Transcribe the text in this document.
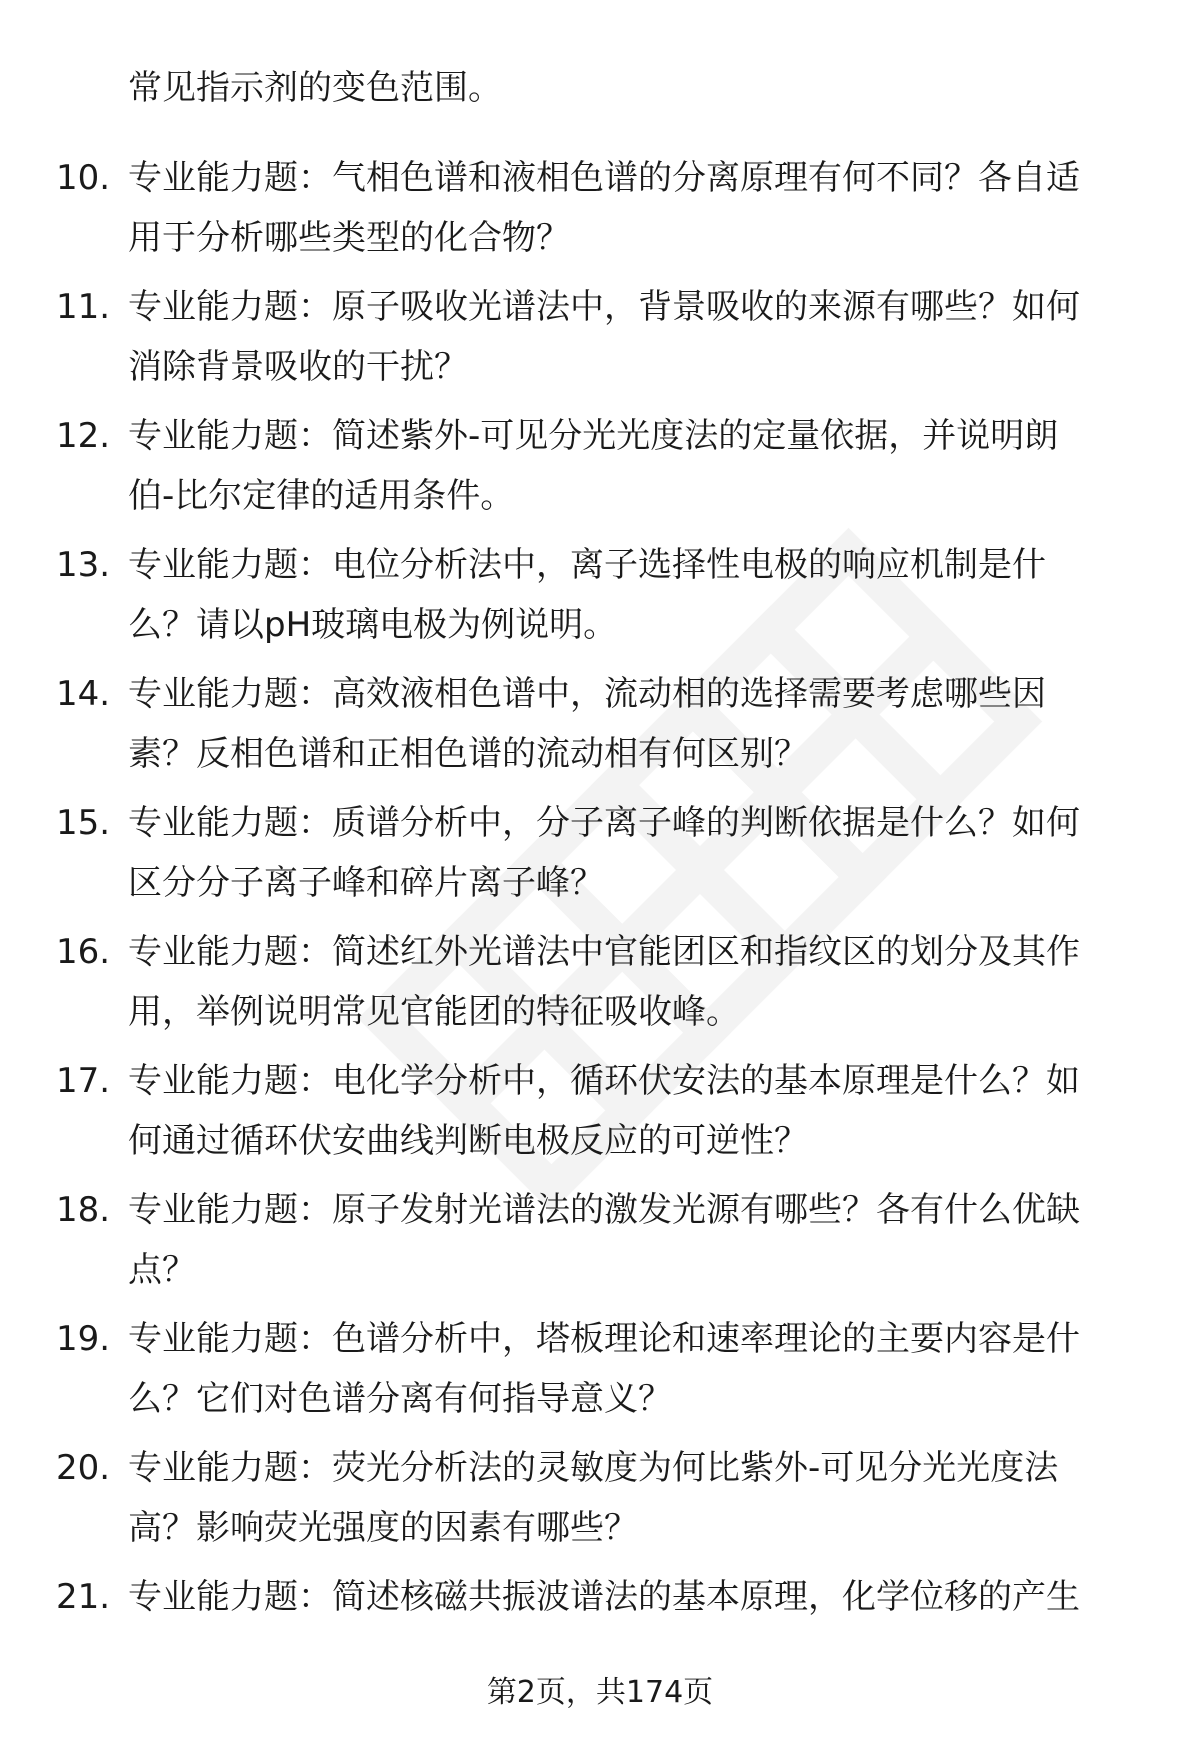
常见指示剂的变色范围。
10. 专业能力题：气相色谱和液相色谱的分离原理有何不同？各自适
用于分析哪些类型的化合物？
11. 专业能力题：原子吸收光谱法中，背景吸收的来源有哪些？如何
消除背景吸收的干扰？
12. 专业能力题：简述紫外-可见分光光度法的定量依据，并说明朗
伯-比尔定律的适用条件。
13. 专业能力题：电位分析法中，离子选择性电极的响应机制是什
么？请以pH玻璃电极为例说明。
14. 专业能力题：高效液相色谱中，流动相的选择需要考虑哪些因
素？反相色谱和正相色谱的流动相有何区别？
15. 专业能力题：质谱分析中，分子离子峰的判断依据是什么？如何
区分分子离子峰和碎片离子峰？
16. 专业能力题：简述红外光谱法中官能团区和指纹区的划分及其作
用，举例说明常见官能团的特征吸收峰。
17. 专业能力题：电化学分析中，循环伏安法的基本原理是什么？如
何通过循环伏安曲线判断电极反应的可逆性？
18. 专业能力题：原子发射光谱法的激发光源有哪些？各有什么优缺
点？
19. 专业能力题：色谱分析中，塔板理论和速率理论的主要内容是什
么？它们对色谱分离有何指导意义？
20. 专业能力题：荧光分析法的灵敏度为何比紫外-可见分光光度法
高？影响荧光强度的因素有哪些？
21. 专业能力题：简述核磁共振波谱法的基本原理，化学位移的产生
第2页，共174页
